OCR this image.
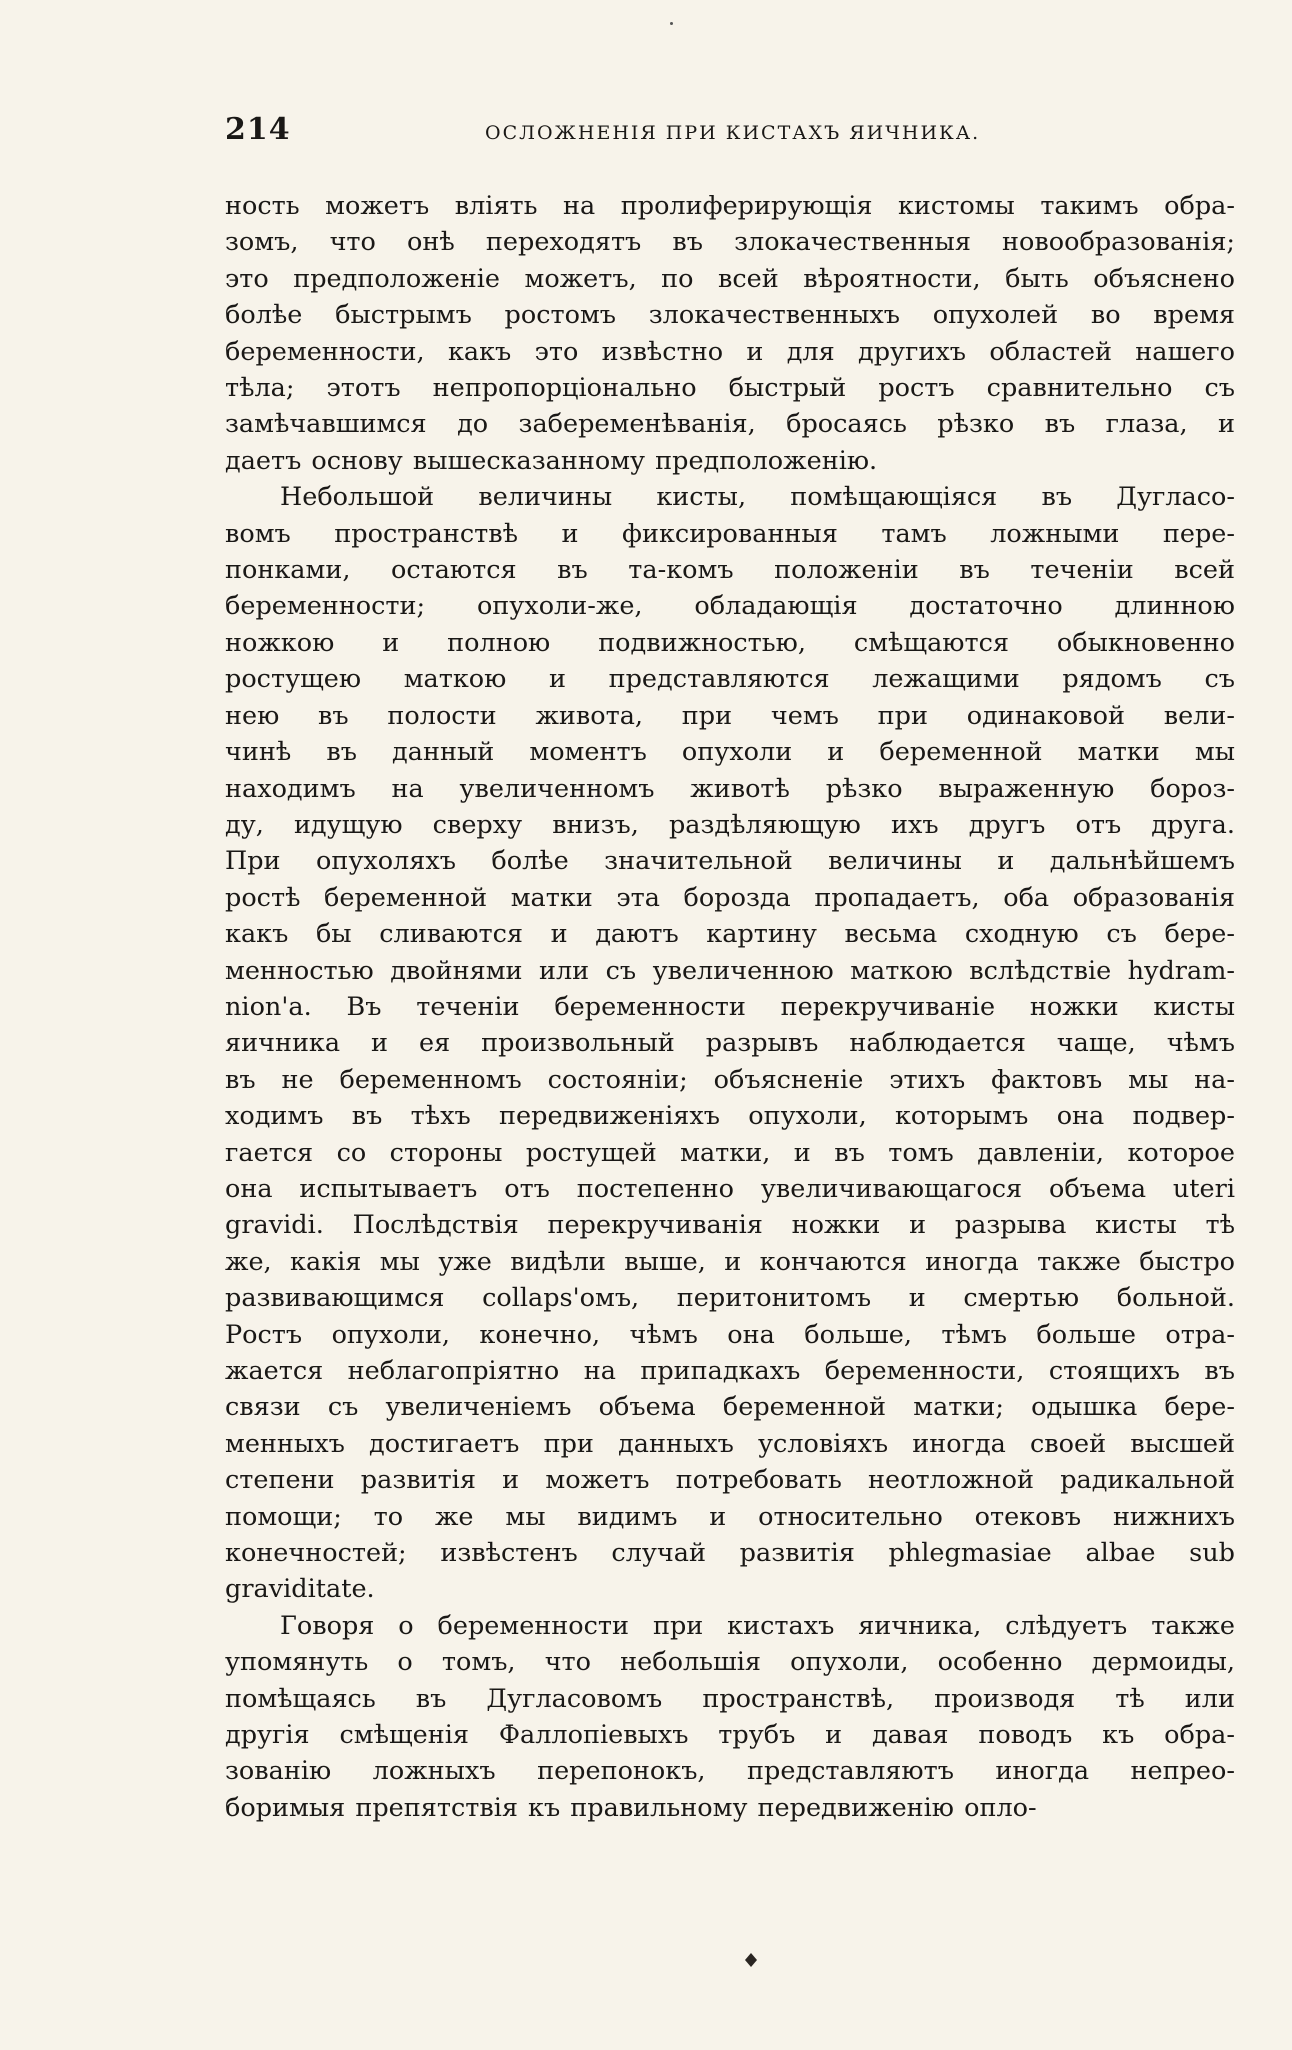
214	ОСЛОЖНЕНІЯ ПРИ КИСТАХЪ ЯИЧНИКА.
ность можетъ вліять на пролиферирующія кистомы такимъ обра-
зомъ, что онѣ переходятъ въ злокачественныя новообразованія;
это предположеніе можетъ, по всей вѣроятности, быть объяснено
болѣе быстрымъ ростомъ злокачественныхъ опухолей во время
беременности, какъ это извѣстно и для другихъ областей нашего
тѣла; этотъ непропорціонально быстрый ростъ сравнительно съ
замѣчавшимся до забеременѣванія, бросаясь рѣзко въ глаза, и
даетъ основу вышесказанному предположенію.
Небольшой величины кисты, помѣщающіяся въ Дугласо-
вомъ пространствѣ и фиксированныя тамъ ложными пере-
понками, остаются въ та-комъ положеніи въ теченіи всей
беременности; опухоли-же, обладающія достаточно длинною
ножкою и полною подвижностью, смѣщаются обыкновенно
ростущею маткою и представляются лежащими рядомъ съ
нею въ полости живота, при чемъ при одинаковой вели-
чинѣ въ данный моментъ опухоли и беременной матки мы
находимъ на увеличенномъ животѣ рѣзко выраженную бороз-
ду, идущую сверху внизъ, раздѣляющую ихъ другъ отъ друга.
При опухоляхъ болѣе значительной величины и дальнѣйшемъ
ростѣ беременной матки эта борозда пропадаетъ, оба образованія
какъ бы сливаются и даютъ картину весьма сходную съ бере-
менностью двойнями или съ увеличенною маткою вслѣдствіе hydram-
nion'a. Въ теченіи беременности перекручиваніе ножки кисты
яичника и ея произвольный разрывъ наблюдается чаще, чѣмъ
въ не беременномъ состояніи; объясненіе этихъ фактовъ мы на-
ходимъ въ тѣхъ передвиженіяхъ опухоли, которымъ она подвер-
гается со стороны ростущей матки, и въ томъ давленіи, которое
она испытываетъ отъ постепенно увеличивающагося объема uteri
gravidi. Послѣдствія перекручиванія ножки и разрыва кисты тѣ
же, какія мы уже видѣли выше, и кончаются иногда также быстро
развивающимся collaps'омъ, перитонитомъ и смертью больной.
Ростъ опухоли, конечно, чѣмъ она больше, тѣмъ больше отра-
жается неблагопріятно на припадкахъ беременности, стоящихъ въ
связи съ увеличеніемъ объема беременной матки; одышка бере-
менныхъ достигаетъ при данныхъ условіяхъ иногда своей высшей
степени развитія и можетъ потребовать неотложной радикальной
помощи; то же мы видимъ и относительно отековъ нижнихъ
конечностей; извѣстенъ случай развитія phlegmasiae albae sub
graviditate.
Говоря о беременности при кистахъ яичника, слѣдуетъ также
упомянуть о томъ, что небольшія опухоли, особенно дермоиды,
помѣщаясь въ Дугласовомъ пространствѣ, производя тѣ или
другія смѣщенія Фаллопіевыхъ трубъ и давая поводъ къ обра-
зованію ложныхъ перепонокъ, представляютъ иногда непрео-
боримыя препятствія къ правильному передвиженію опло-
